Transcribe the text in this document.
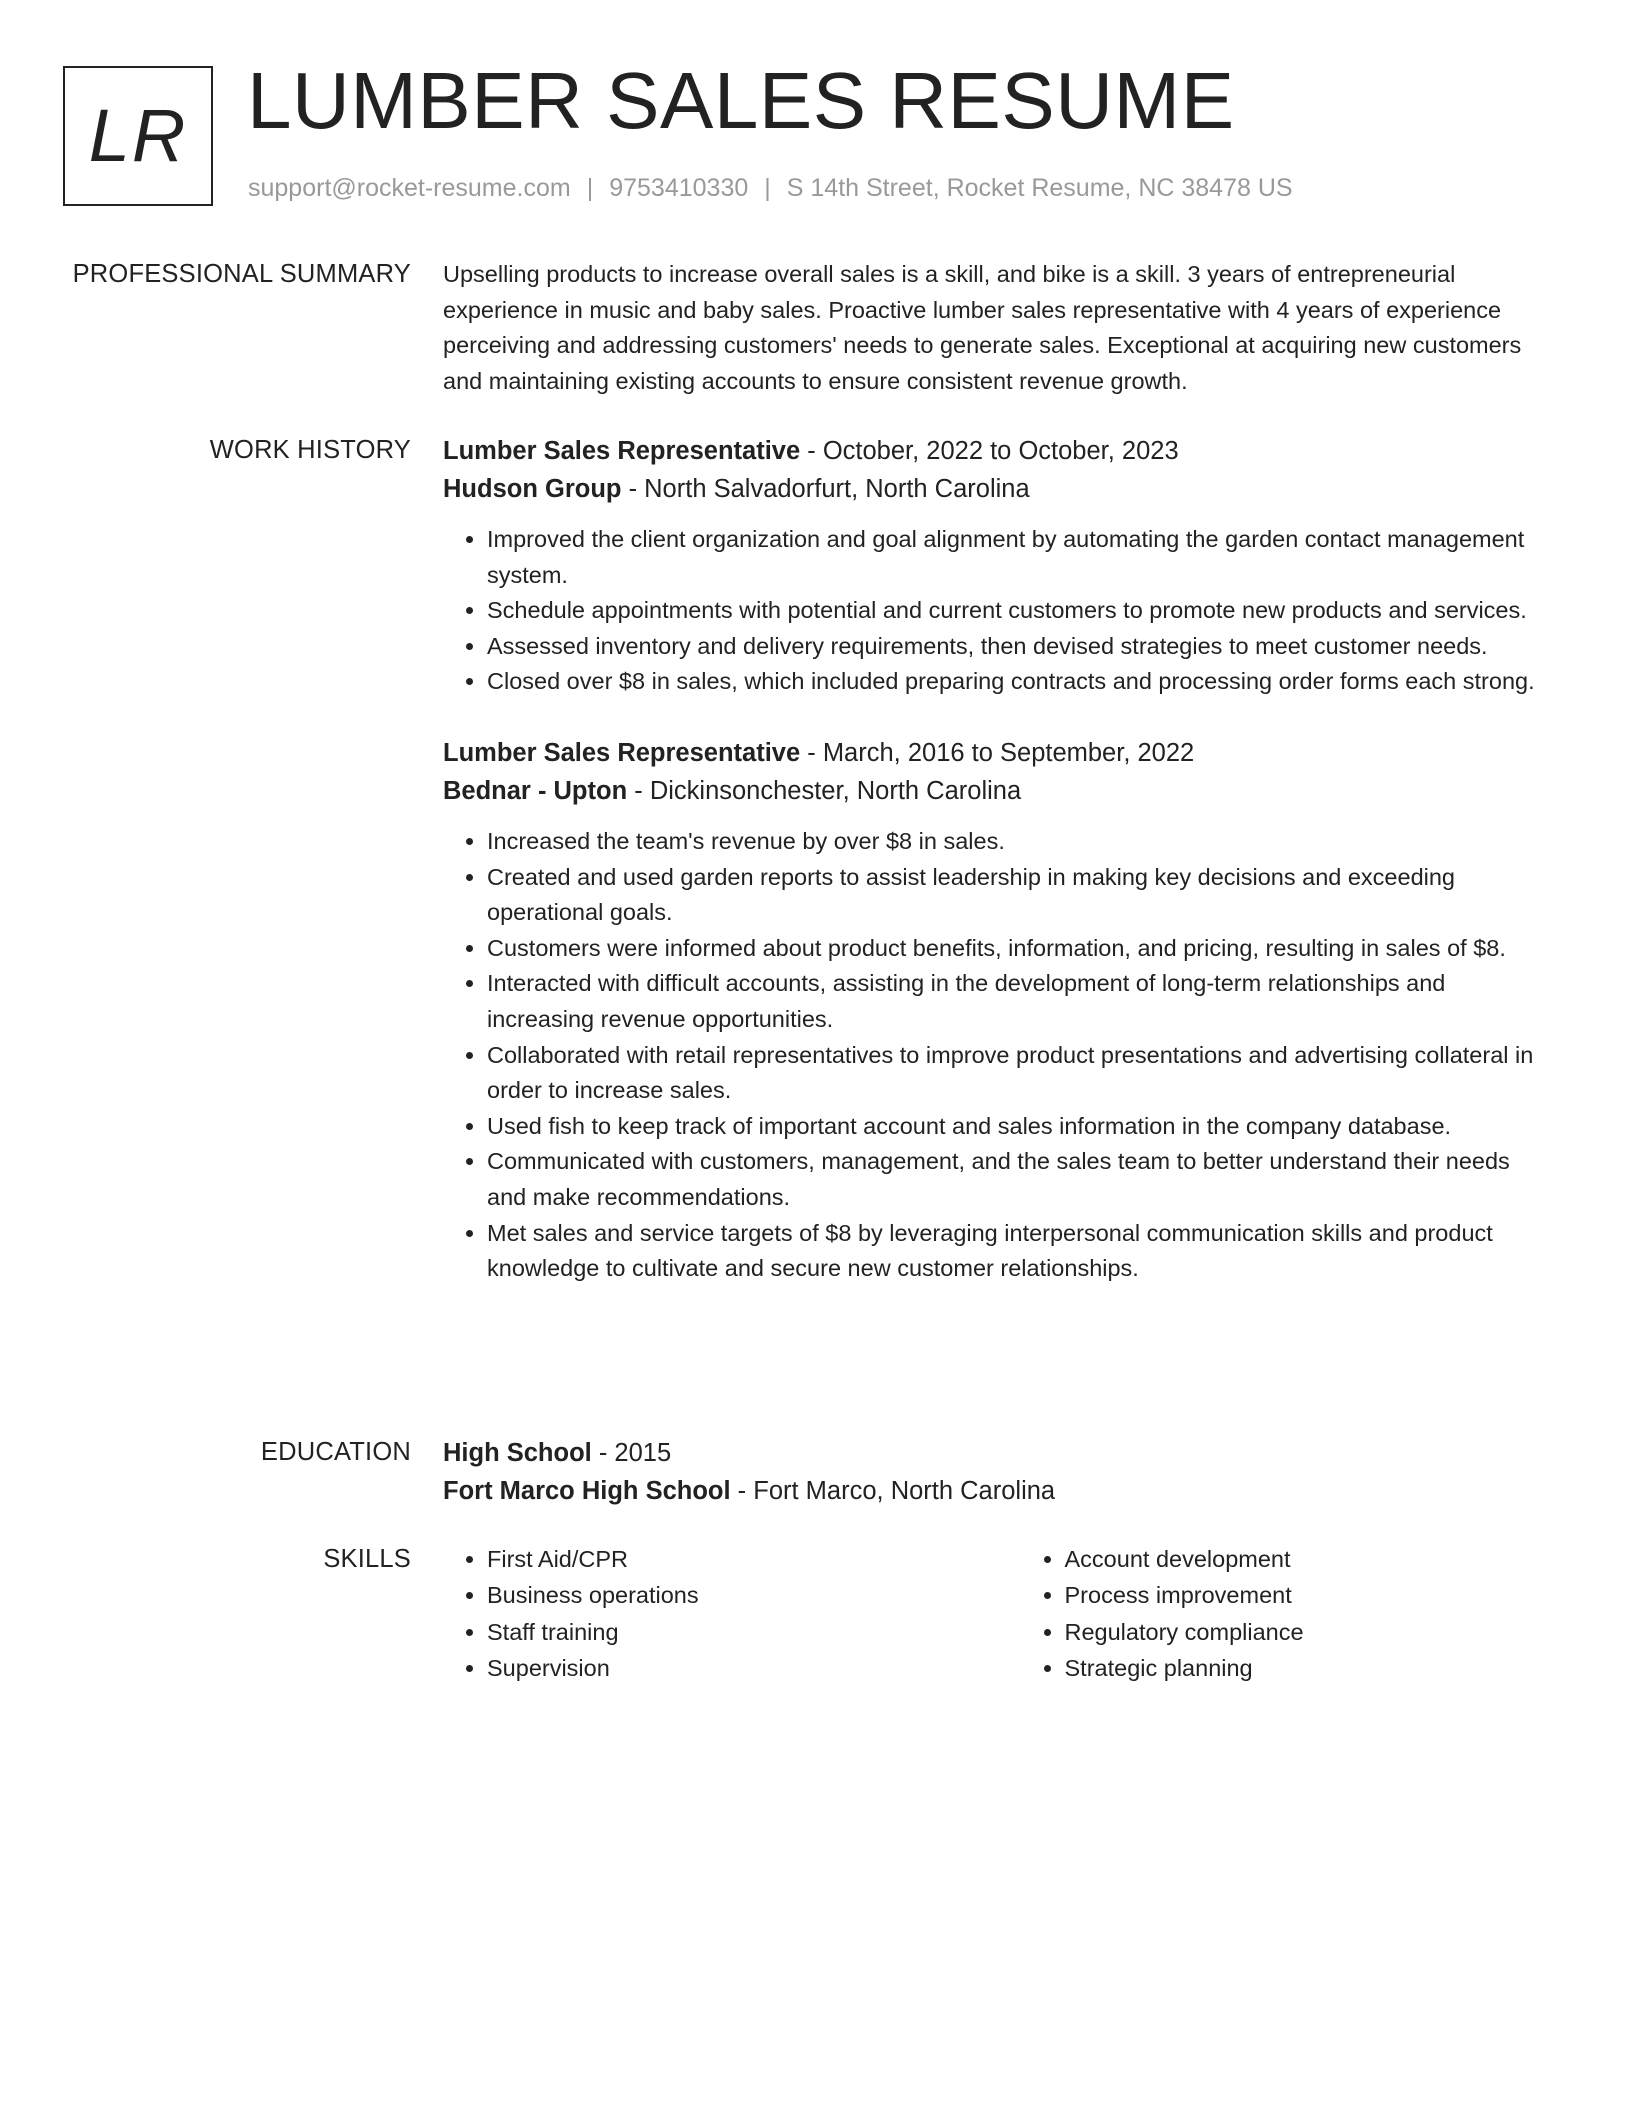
LR LUMBER SALES RESUME
support@rocket-resume.com | 9753410330 | S 14th Street, Rocket Resume, NC 38478 US
PROFESSIONAL SUMMARY Upselling products to increase overall sales is a skill, and bike is a skill. 3 years of entrepreneurial experience in music and baby sales. Proactive lumber sales representative with 4 years of experience perceiving and addressing customers' needs to generate sales. Exceptional at acquiring new customers and maintaining existing accounts to ensure consistent revenue growth.

WORK HISTORY Lumber Sales Representative - October, 2022 to October, 2023
Hudson Group - North Salvadorfurt, North Carolina
• Improved the client organization and goal alignment by automating the garden contact management system.
• Schedule appointments with potential and current customers to promote new products and services.
• Assessed inventory and delivery requirements, then devised strategies to meet customer needs.
• Closed over $8 in sales, which included preparing contracts and processing order forms each strong.
Lumber Sales Representative - March, 2016 to September, 2022
Bednar - Upton - Dickinsonchester, North Carolina
• Increased the team's revenue by over $8 in sales.
• Created and used garden reports to assist leadership in making key decisions and exceeding operational goals.
• Customers were informed about product benefits, information, and pricing, resulting in sales of $8.
• Interacted with difficult accounts, assisting in the development of long-term relationships and increasing revenue opportunities.
• Collaborated with retail representatives to improve product presentations and advertising collateral in order to increase sales.
• Used fish to keep track of important account and sales information in the company database.
• Communicated with customers, management, and the sales team to better understand their needs and make recommendations.
• Met sales and service targets of $8 by leveraging interpersonal communication skills and product knowledge to cultivate and secure new customer relationships.
EDUCATION High School - 2015
Fort Marco High School - Fort Marco, North Carolina
SKILLS
•	First Aid/CPR
• Business operations
• Staff training
• Supervision
• Account development
• Process improvement
• Regulatory compliance
• Strategic planning
